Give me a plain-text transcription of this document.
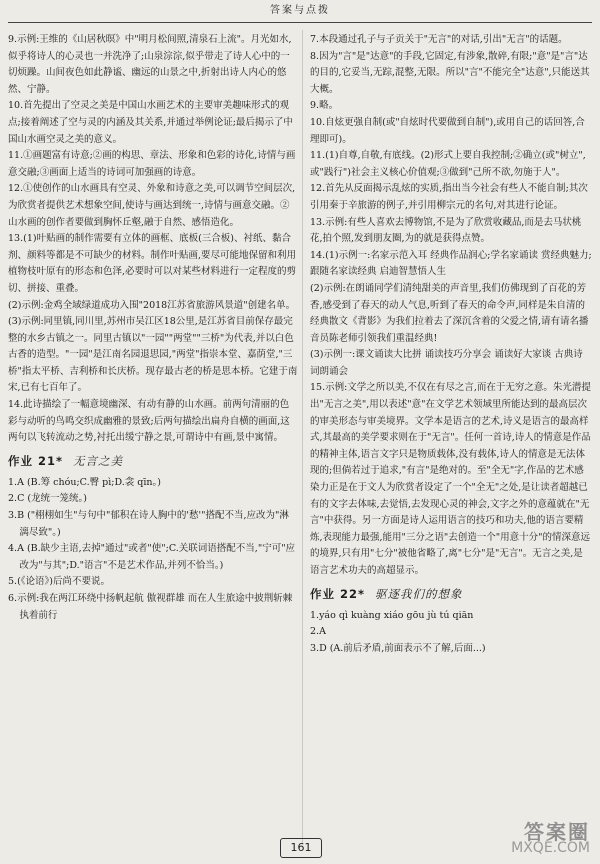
答案与点拨

9.示例:王维的《山居秋暝》中"明月松间照,清泉石上流"。月光如水,似乎将诗人的心灵也一并洗净了;山泉淙淙,似乎带走了诗人心中的一切烦躁。山间夜色如此静谧、幽远的山景之中,折射出诗人内心的悠然、宁静。

10.首先提出了空灵之美是中国山水画艺术的主要审美趣味形式的观点;接着阐述了空与灵的内涵及其关系,并通过举例论证;最后揭示了中国山水画空灵之美的意义。

11.①画题富有诗意;②画的构思、章法、形象和色彩的诗化,诗情与画意交融;③画面上适当的诗词可加强画的诗意。

12.①使创作的山水画具有空灵、外象和诗意之美,可以调节空间层次,为欣赏者提供艺术想象空间,使诗与画达到统一,诗情与画意交融。②山水画的创作者要做到胸怀丘壑,融于自然、感悟造化。

13.(1)叶贴画的制作需要有立体的画框、底板(三合板)、衬纸、黏合剂、颜料等都是不可缺少的材料。制作叶贴画,要尽可能地保留和利用植物枝叶原有的形态和色泽,必要时可以对某些材料进行一定程度的剪切、拼接、重叠。

(2)示例:金鸡全域绿道成功入围"2018江苏省旅游风景道"创建名单。

(3)示例:同里镇,同川里,苏州市吴江区18公里,是江苏省目前保存最完整的水乡古镇之一。同里古镇以"一园""两堂""三桥"为代表,并以白色古香的造型。"一园"是江南名园退思园,"两堂"指崇本堂、嘉荫堂,"三桥"指太平桥、吉利桥和长庆桥。现存最古老的桥是思本桥。它建于南宋,已有七百年了。

14.此诗描绘了一幅意境幽深、有动有静的山水画。前两句清丽的色彩与动听的鸟鸣交织成幽雅的景致;后两句描绘出扁舟自横的画面,这两句以飞转流动之势,衬托出缓宁静之景,可谓诗中有画,景中寓情。

作业 21* 无言之美

1.A (B.筹 chóu;C.臀 pì;D.衾 qīn。)

2.C (龙统一笼统。)

3.B ("栩栩如生"与句中"郁积在诗人胸中的'愁'"搭配不当,应改为"淋漓尽致"。)

4.A (B.缺少主语,去掉"通过"或者"使";C.关联词语搭配不当,"宁可"应改为"与其";D."语言"不是艺术作品,并列不恰当。)

5.(《论语》)后尚不要说。

6.示例:我在两江环绕中扬帆起航 傲视群雄 而在人生旅途中披荆斩棘 执着前行

7.本段通过孔子与子贡关于"无言"的对话,引出"无言"的话题。

8.因为"言"是"达意"的手段,它固定,有涉象,散碎,有限;"意"是"言"达的目的,它妥当,无踪,混整,无限。所以"言"不能完全"达意",只能送其大概。

9.略。

10.自炫更强自制(或"自炫时代要做到自制"),或用自己的话回答,合理即可)。

11.(1)自尊,自敬,有底线。(2)形式上要自我控制;②确立(或"树立",或"践行")社会主义核心价值观;③做到"己所不欲,勿施于人"。

12.首先从反面揭示乱炫的实质,指出当今社会有些人不能自制;其次引用秦于辛旅游的例子,并引用柳宗元的名句,对其进行论证。

13.示例:有些人喜欢去博物馆,不是为了欣赏收藏品,而是去马状桃花,拍个照,发到朋友圈,为的就是获得点赞。

14.(1)示例一:名家示范入耳 经典作品润心;学名家诵读 赏经典魅力;跟随名家读经典 启迪智慧悟人生

(2)示例:在朗诵同学们清纯甜美的声音里,我们仿佛现到了百花的芳香,感受到了春天的动人气息,听到了春天的命令声,同样是朱自清的经典散文《背影》为我们拉着去了深沉含着的父爱之情,请有请名播音员陈老师引领我们重温经典!

(3)示例一:课文诵读大比拼 诵读技巧分享会 诵读好大家谈 古典诗词朗诵会

15.示例:文学之所以美,不仅在有尽之言,而在于无穷之意。朱光潜提出"无言之美",用以表述"意"在文学艺术领域里所能达到的最高层次的审美形态与审美境界。文学本是语言的艺术,诗义是语言的最高样式,其最高的美学要求则在于"无言"。任何一首诗,诗人的情意是作品的精神主体,语言文字只是物质载体,没有载体,诗人的情意是无法体现的;但倘若过于追求,"有言"是绝对的。至"全无"字,作品的艺术感染力正是在于文人为欣赏者设定了一个"全无"之处,是让读者超越已有的文字去体味,去觉悟,去发现心灵的神会,文字之外的意蕴就在"无言"中获得。另一方面是诗人运用语言的技巧和功夫,他的语言要精炼,表现能力最强,能用"三分之语"去创造一个"用意十分"的情深意远的境界,只有用"七分"被他省略了,离"七分"是"无言"。无言之美,是语言艺术功夫的高超显示。

作业 22* 驱逐我们的想象

1.yáo qì kuàng xiáo gōu jù tú qiān

2.A

3.D (A.前后矛盾,前面表示不了解,后面...)

161
答案圈
MXQE.COM
